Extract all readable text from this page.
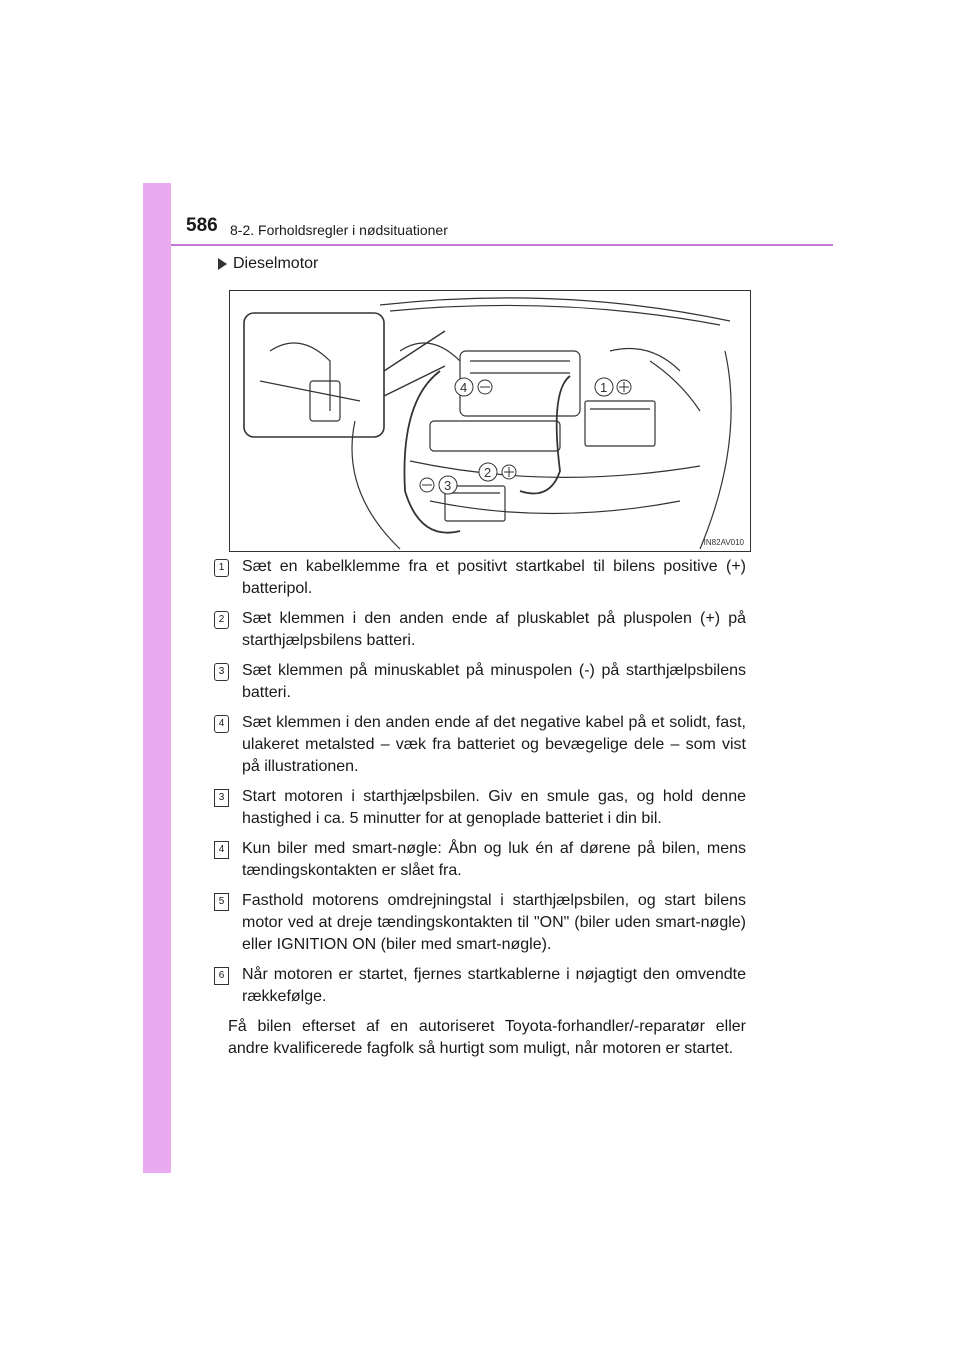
586 8-2. Forholdsregler i nødsituationer
Dieselmotor
1
2
3
4
IN82AV010
1 Sæt en kabelklemme fra et positivt startkabel til bilens positive (+) batteripol.
2 Sæt klemmen i den anden ende af pluskablet på pluspolen (+) på starthjælpsbilens batteri.
3 Sæt klemmen på minuskablet på minuspolen (-) på starthjælpsbilens batteri.
4 Sæt klemmen i den anden ende af det negative kabel på et solidt, fast, ulakeret metalsted – væk fra batteriet og bevægelige dele – som vist på illustrationen.
3 Start motoren i starthjælpsbilen. Giv en smule gas, og hold denne hastighed i ca. 5 minutter for at genoplade batteriet i din bil.
4 Kun biler med smart-nøgle: Åbn og luk én af dørene på bilen, mens tændingskontakten er slået fra.
5 Fasthold motorens omdrejningstal i starthjælpsbilen, og start bilens motor ved at dreje tændingskontakten til "ON" (biler uden smart-nøgle) eller IGNITION ON (biler med smart-nøgle).
6 Når motoren er startet, fjernes startkablerne i nøjagtigt den omvendte rækkefølge.
Få bilen efterset af en autoriseret Toyota-forhandler/-reparatør eller andre kvalificerede fagfolk så hurtigt som muligt, når motoren er startet.
